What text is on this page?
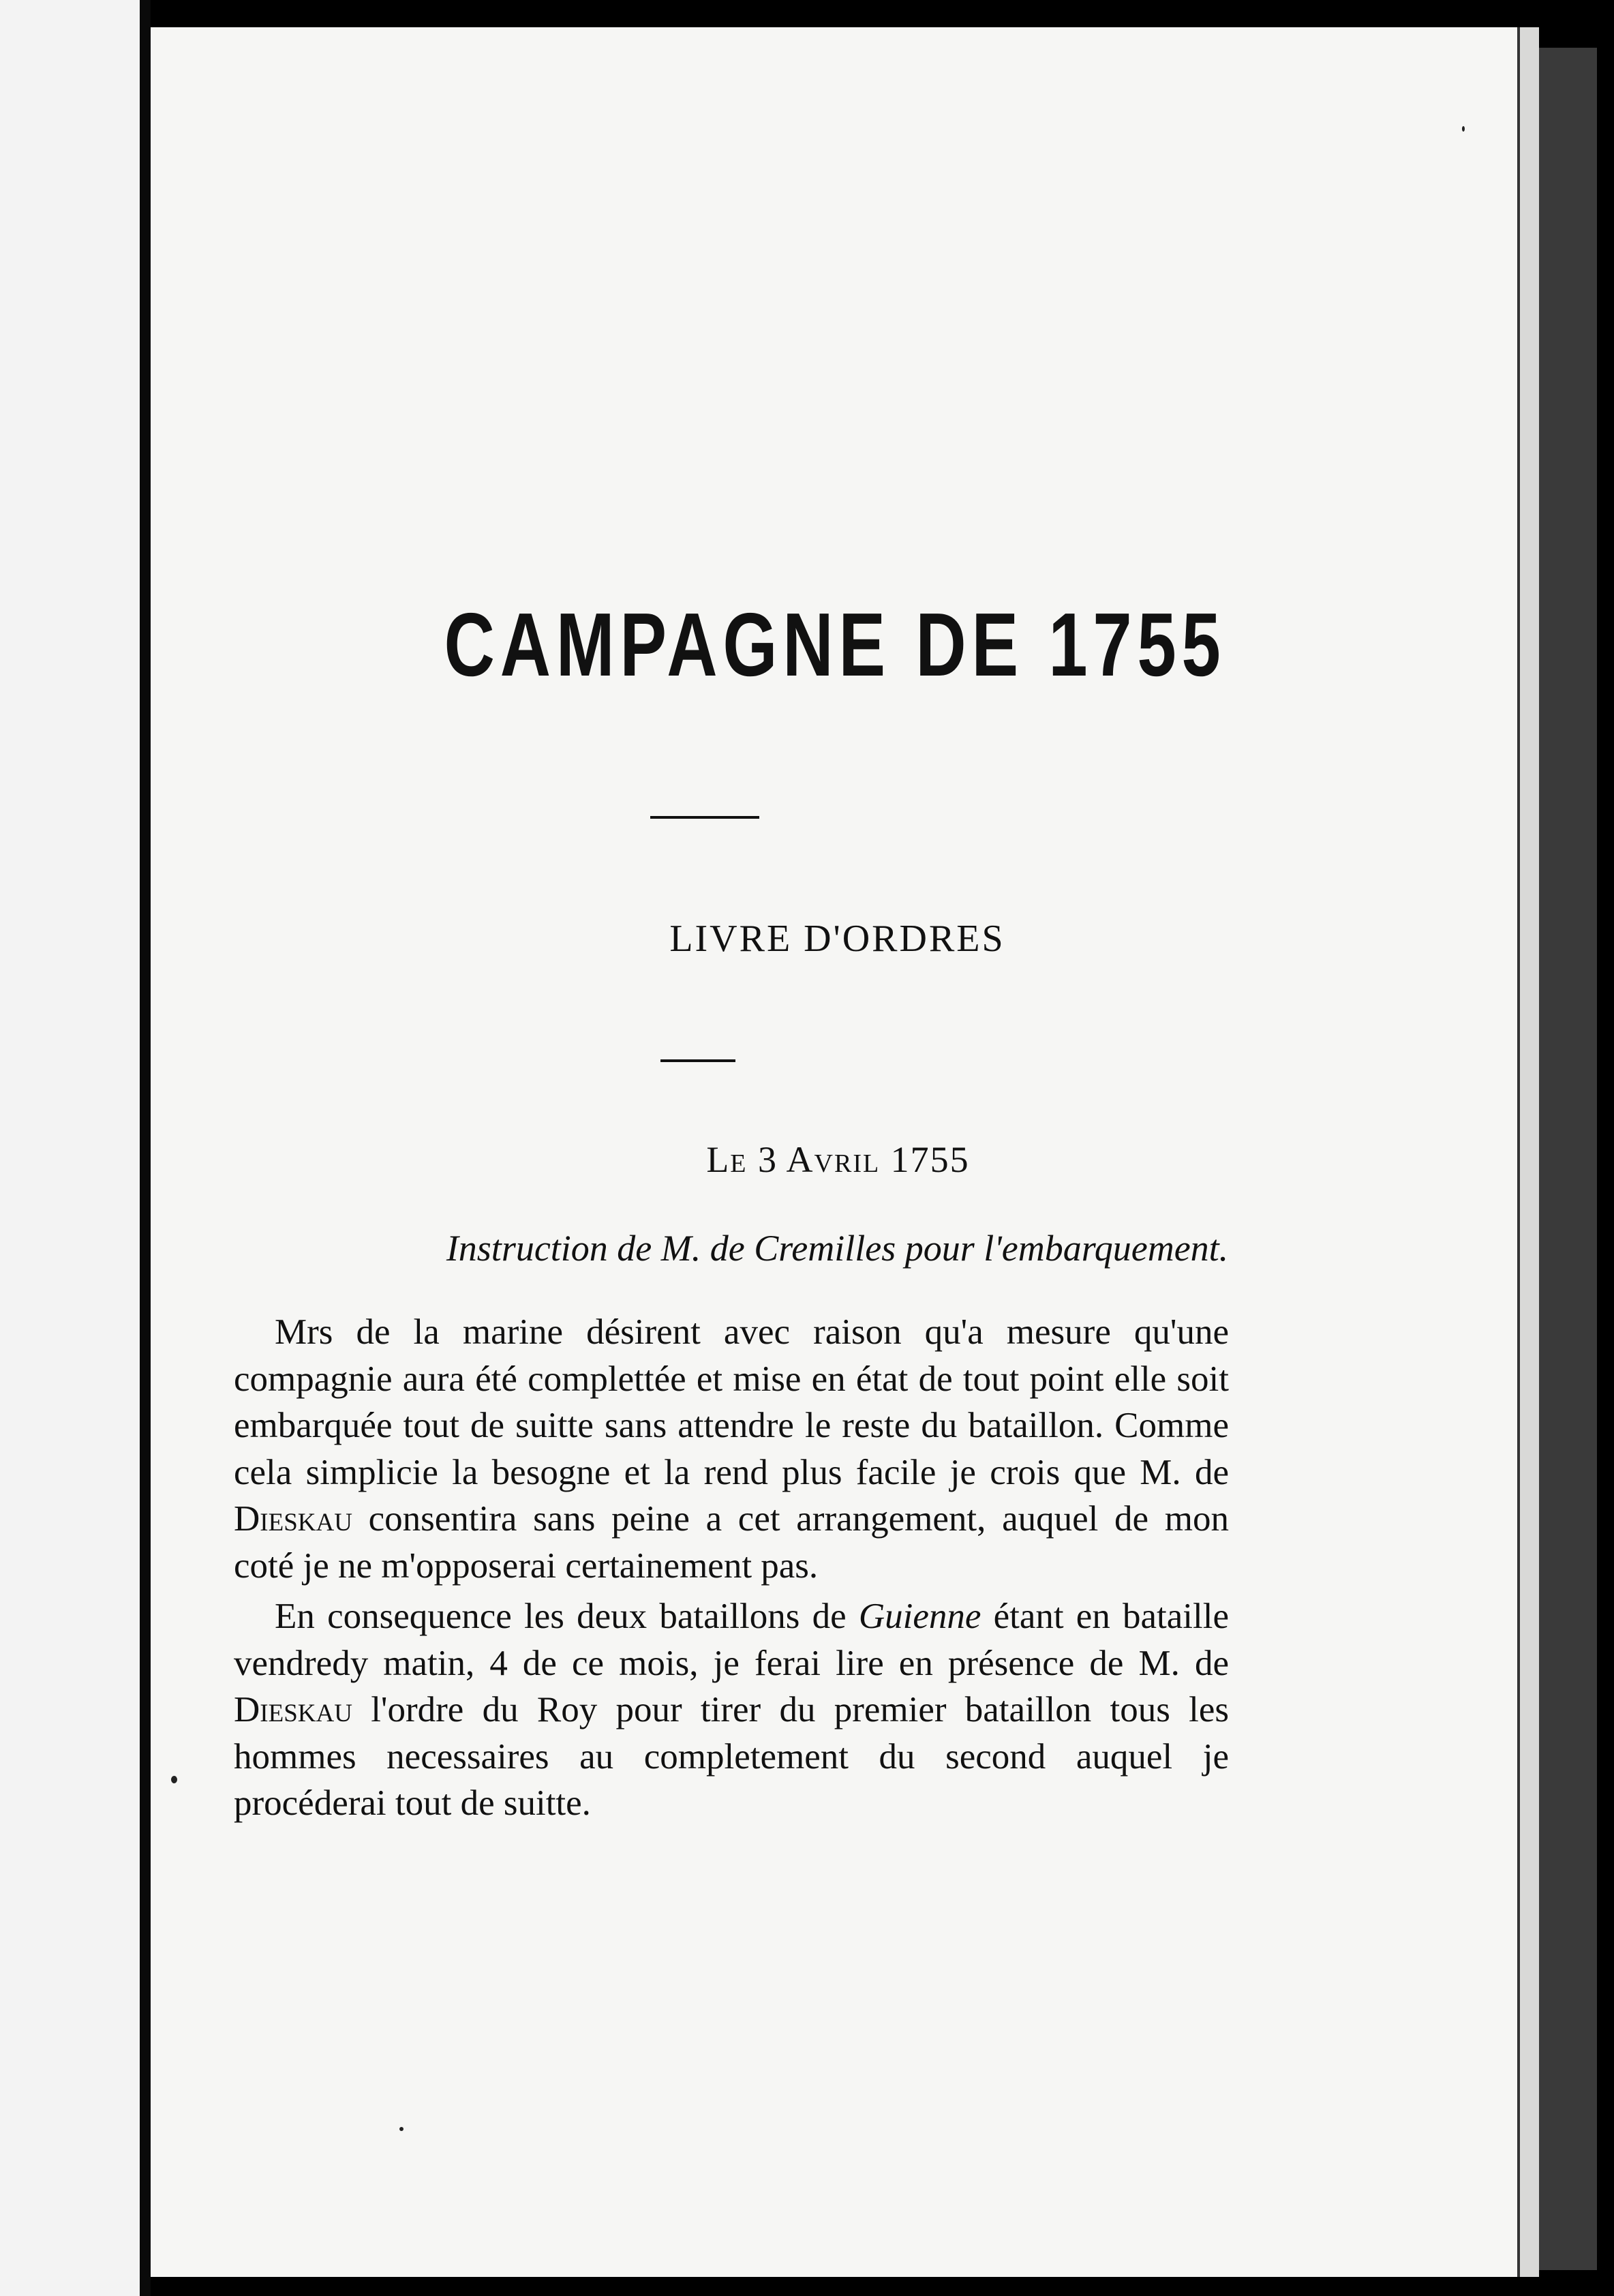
CAMPAGNE DE 1755
LIVRE D'ORDRES
Le 3 Avril 1755
Instruction de M. de Cremilles pour l'embarquement.

Mrs de la marine désirent avec raison qu'a mesure qu'une compagnie aura été complettée et mise en état de tout point elle soit embarquée tout de suitte sans attendre le reste du bataillon. Comme cela simplicie la besogne et la rend plus facile je crois que M. de Dieskau consentira sans peine a cet arrangement, auquel de mon coté je ne m'opposerai certainement pas.

En consequence les deux bataillons de Guienne étant en bataille vendredy matin, 4 de ce mois, je ferai lire en présence de M. de Dieskau l'ordre du Roy pour tirer du premier bataillon tous les hommes necessaires au completement du second auquel je procéderai tout de suitte.
